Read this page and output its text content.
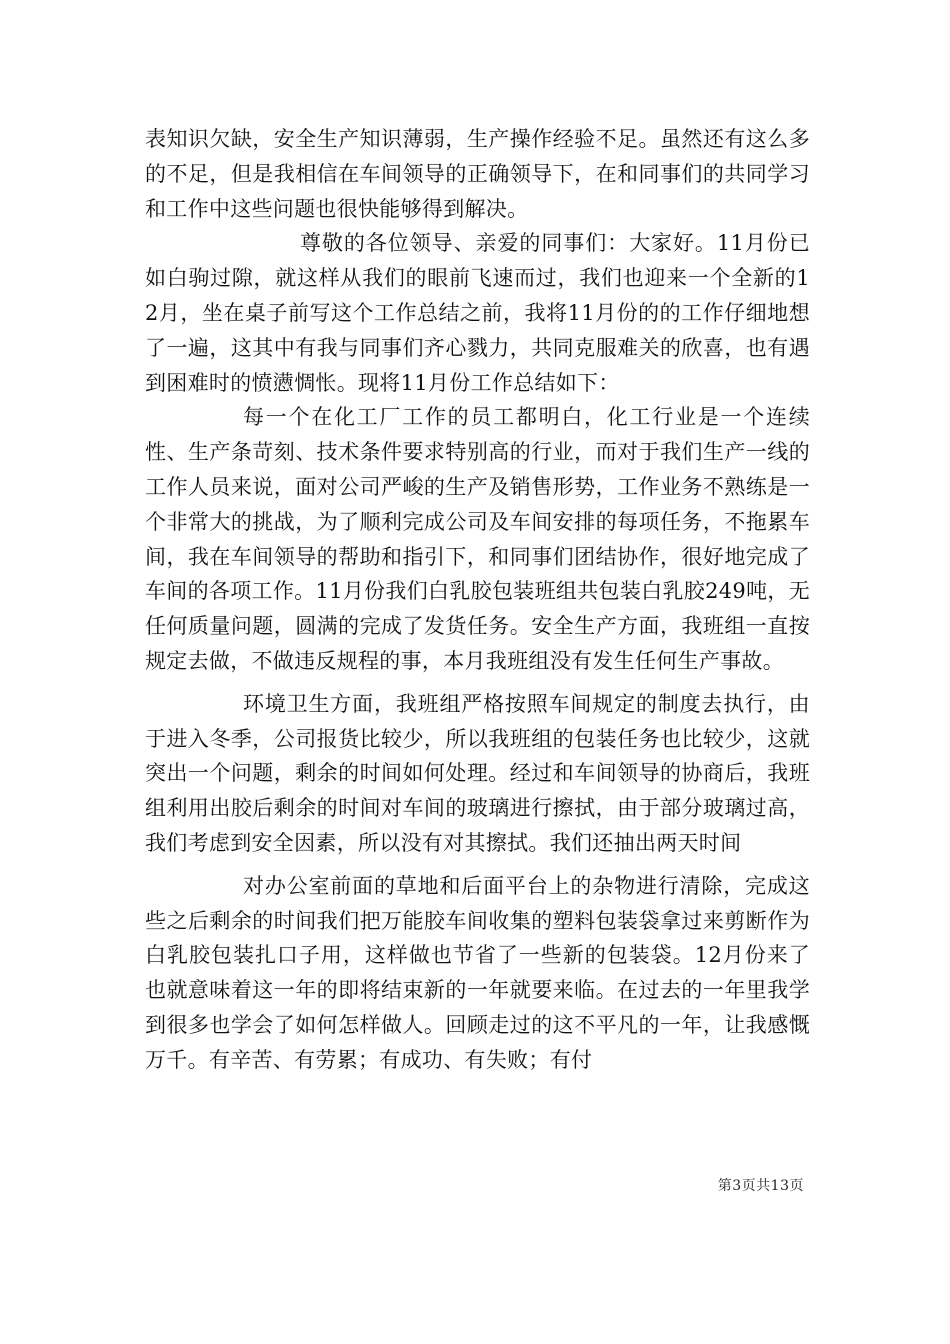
表知识欠缺，安全生产知识薄弱，生产操作经验不足。虽然还有这么多的不足，但是我相信在车间领导的正确领导下，在和同事们的共同学习和工作中这些问题也很快能够得到解决。

尊敬的各位领导、亲爱的同事们：大家好。11月份已如白驹过隙，就这样从我们的眼前飞速而过，我们也迎来一个全新的12月，坐在桌子前写这个工作总结之前，我将11月份的的工作仔细地想了一遍，这其中有我与同事们齐心戮力，共同克服难关的欣喜，也有遇到困难时的愤懑惆怅。现将11月份工作总结如下：

每一个在化工厂工作的员工都明白，化工行业是一个连续性、生产条苛刻、技术条件要求特别高的行业，而对于我们生产一线的工作人员来说，面对公司严峻的生产及销售形势，工作业务不熟练是一个非常大的挑战，为了顺利完成公司及车间安排的每项任务，不拖累车间，我在车间领导的帮助和指引下，和同事们团结协作，很好地完成了车间的各项工作。11月份我们白乳胶包装班组共包装白乳胶249吨，无任何质量问题，圆满的完成了发货任务。安全生产方面，我班组一直按规定去做，不做违反规程的事，本月我班组没有发生任何生产事故。

环境卫生方面，我班组严格按照车间规定的制度去执行，由于进入冬季，公司报货比较少，所以我班组的包装任务也比较少，这就突出一个问题，剩余的时间如何处理。经过和车间领导的协商后，我班组利用出胶后剩余的时间对车间的玻璃进行擦拭，由于部分玻璃过高，我们考虑到安全因素，所以没有对其擦拭。我们还抽出两天时间

对办公室前面的草地和后面平台上的杂物进行清除，完成这些之后剩余的时间我们把万能胶车间收集的塑料包装袋拿过来剪断作为白乳胶包装扎口子用，这样做也节省了一些新的包装袋。12月份来了也就意味着这一年的即将结束新的一年就要来临。在过去的一年里我学到很多也学会了如何怎样做人。回顾走过的这不平凡的一年，让我感慨万千。有辛苦、有劳累；有成功、有失败；有付

第3页共13页
